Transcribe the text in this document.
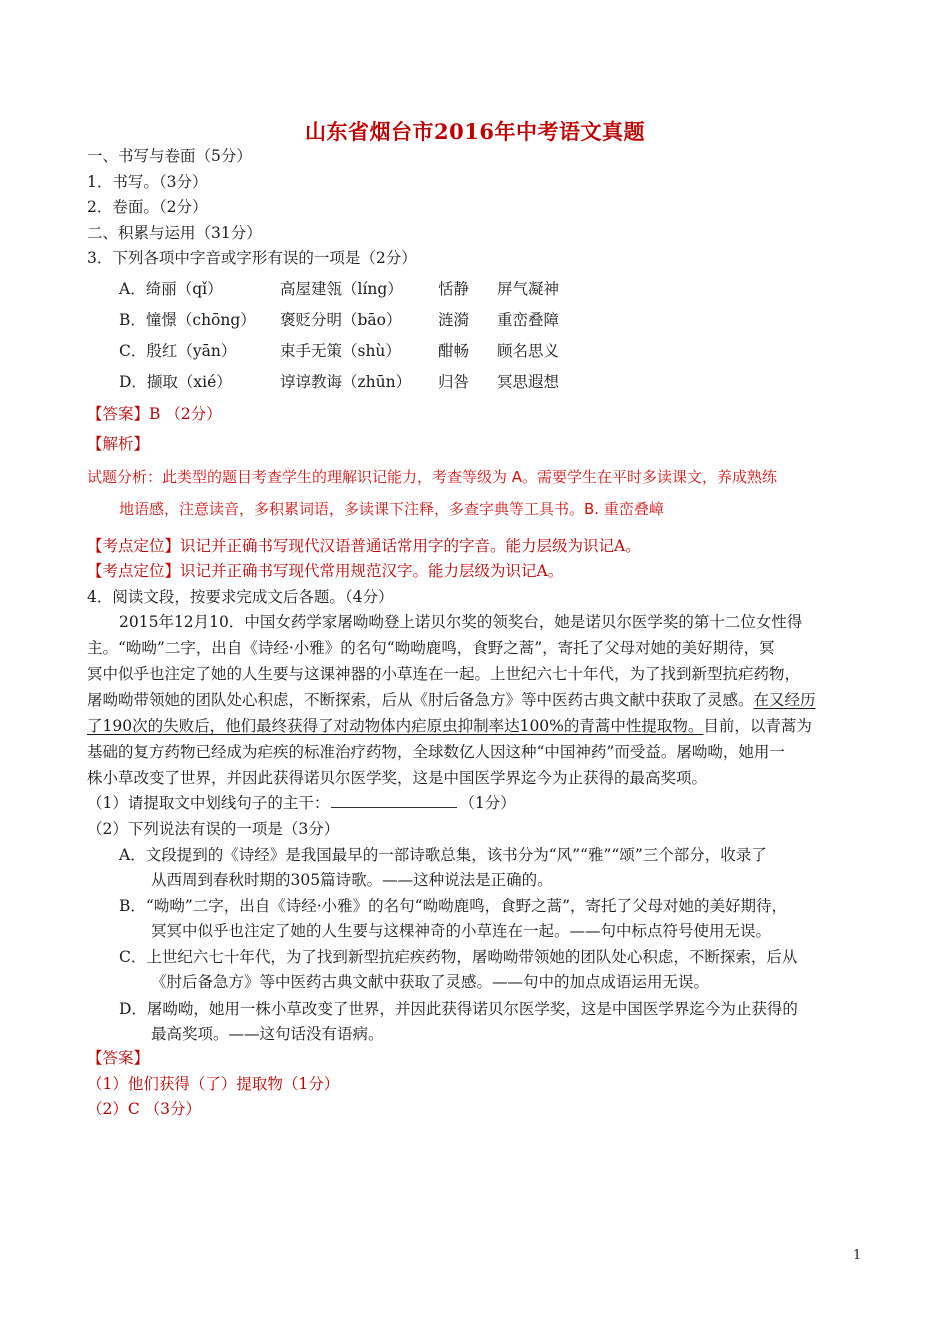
山东省烟台市2016年中考语文真题
一、书写与卷面（5分）
1．书写。（3分）
2．卷面。（2分）
二、积累与运用（31分）
3．下列各项中字音或字形有误的一项是（2分）
A．绮丽（qǐ）	高屋建瓴（líng） 恬静 屏气凝神
B．憧憬（chōng） 褒贬分明（bāo） 涟漪 重峦叠障
C．殷红（yān）	束手无策（shù） 酣畅 顾名思义
D．撷取（xié）	谆谆教诲（zhūn） 归咎 冥思遐想
【答案】B （2分）
【解析】
试题分析：此类型的题目考查学生的理解识记能力，考查等级为 A。需要学生在平时多读课文，养成熟练
地语感，注意读音，多积累词语，多读课下注释，多查字典等工具书。B. 重峦叠嶂
【考点定位】识记并正确书写现代汉语普通话常用字的字音。能力层级为识记A。
【考点定位】识记并正确书写现代常用规范汉字。能力层级为识记A。
4．阅读文段，按要求完成文后各题。（4分）
2015年12月10．中国女药学家屠呦呦登上诺贝尔奖的领奖台，她是诺贝尔医学奖的第十二位女性得
主。“呦呦”二字，出自《诗经·小雅》的名句“呦呦鹿鸣，食野之蒿”，寄托了父母对她的美好期待，冥
冥中似乎也注定了她的人生要与这课神器的小草连在一起。上世纪六七十年代，为了找到新型抗疟药物，
屠呦呦带领她的团队处心积虑，不断探索，后从《肘后备急方》等中医药古典文献中获取了灵感。在又经历
了190次的失败后，他们最终获得了对动物体内疟原虫抑制率达100%的青蒿中性提取物。目前，以青蒿为
基础的复方药物已经成为疟疾的标准治疗药物，全球数亿人因这种“中国神药”而受益。屠呦呦，她用一
株小草改变了世界，并因此获得诺贝尔医学奖，这是中国医学界迄今为止获得的最高奖项。
（1）请提取文中划线句子的主干：	（1分）
（2）下列说法有误的一项是（3分）
A．文段提到的《诗经》是我国最早的一部诗歌总集，该书分为“风”“雅”“颂”三个部分，收录了
从西周到春秋时期的305篇诗歌。——这种说法是正确的。
B．“呦呦”二字，出自《诗经·小雅》的名句“呦呦鹿鸣，食野之蒿”，寄托了父母对她的美好期待，
冥冥中似乎也注定了她的人生要与这棵神奇的小草连在一起。——句中标点符号使用无误。
C．上世纪六七十年代，为了找到新型抗疟疾药物，屠呦呦带领她的团队处心积虑，不断探索，后从
《肘后备急方》等中医药古典文献中获取了灵感。——句中的加点成语运用无误。
D．屠呦呦，她用一株小草改变了世界，并因此获得诺贝尔医学奖，这是中国医学界迄今为止获得的
最高奖项。——这句话没有语病。
【答案】
（1）他们获得（了）提取物（1分）
（2）C （3分）
1
